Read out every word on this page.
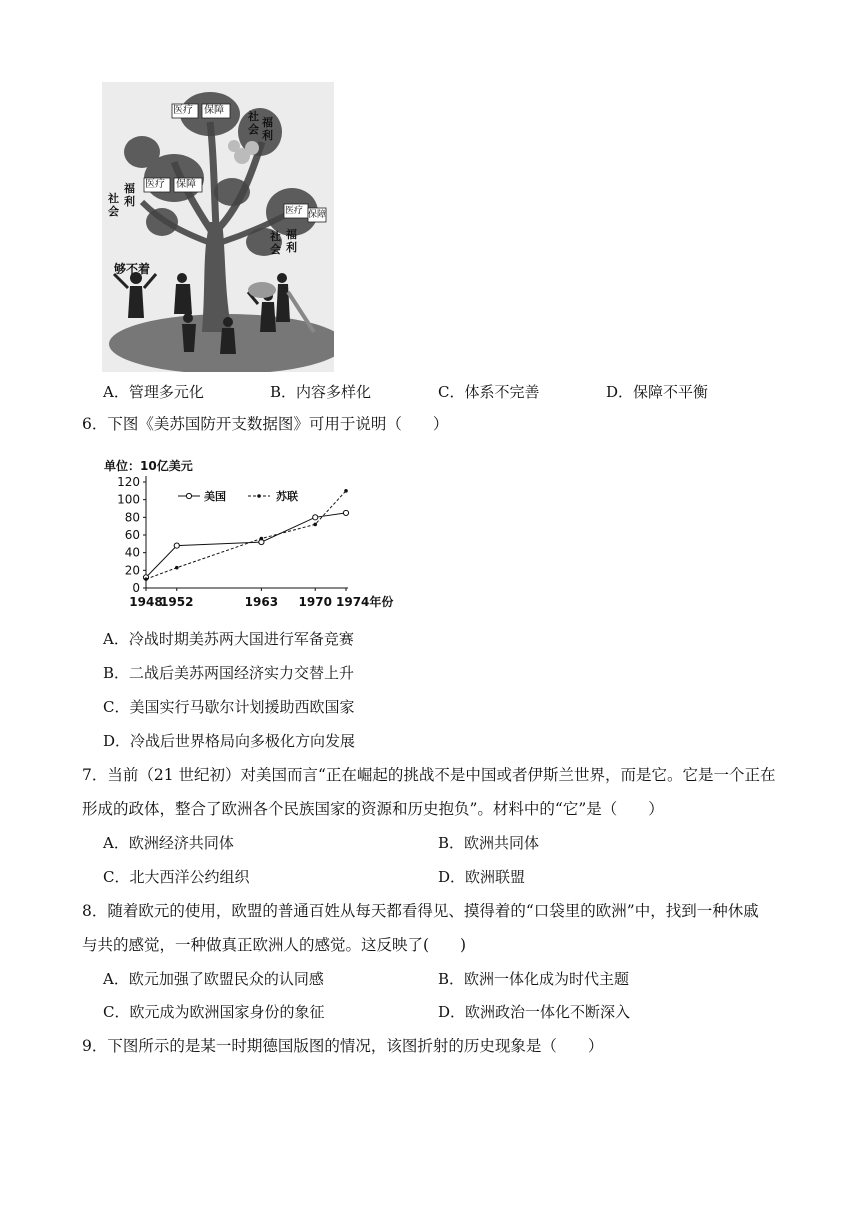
医疗 保障
医疗 保障
医疗 保障
社会
福利
社会
福利
社会
福利
够不着
A．管理多元化	B．内容多样化	C．体系不完善	D．保障不平衡
6．下图《美苏国防开支数据图》可用于说明（　　）
单位：10亿美元
0
20
40
60
80
100
120
1948
1952	1963 1970 1974年份
美国	苏联
A．冷战时期美苏两大国进行军备竞赛
B．二战后美苏两国经济实力交替上升
C．美国实行马歇尔计划援助西欧国家
D．冷战后世界格局向多极化方向发展
7．当前（21 世纪初）对美国而言“正在崛起的挑战不是中国或者伊斯兰世界，而是它。它是一个正在
形成的政体，整合了欧洲各个民族国家的资源和历史抱负”。材料中的“它”是（　　）
A．欧洲经济共同体	B．欧洲共同体
C．北大西洋公约组织	D．欧洲联盟
8．随着欧元的使用，欧盟的普通百姓从每天都看得见、摸得着的“口袋里的欧洲”中，找到一种休戚
与共的感觉，一种做真正欧洲人的感觉。这反映了(　　)
A．欧元加强了欧盟民众的认同感	B．欧洲一体化成为时代主题
C．欧元成为欧洲国家身份的象征	D．欧洲政治一体化不断深入
9．下图所示的是某一时期德国版图的情况，该图折射的历史现象是（　　）
